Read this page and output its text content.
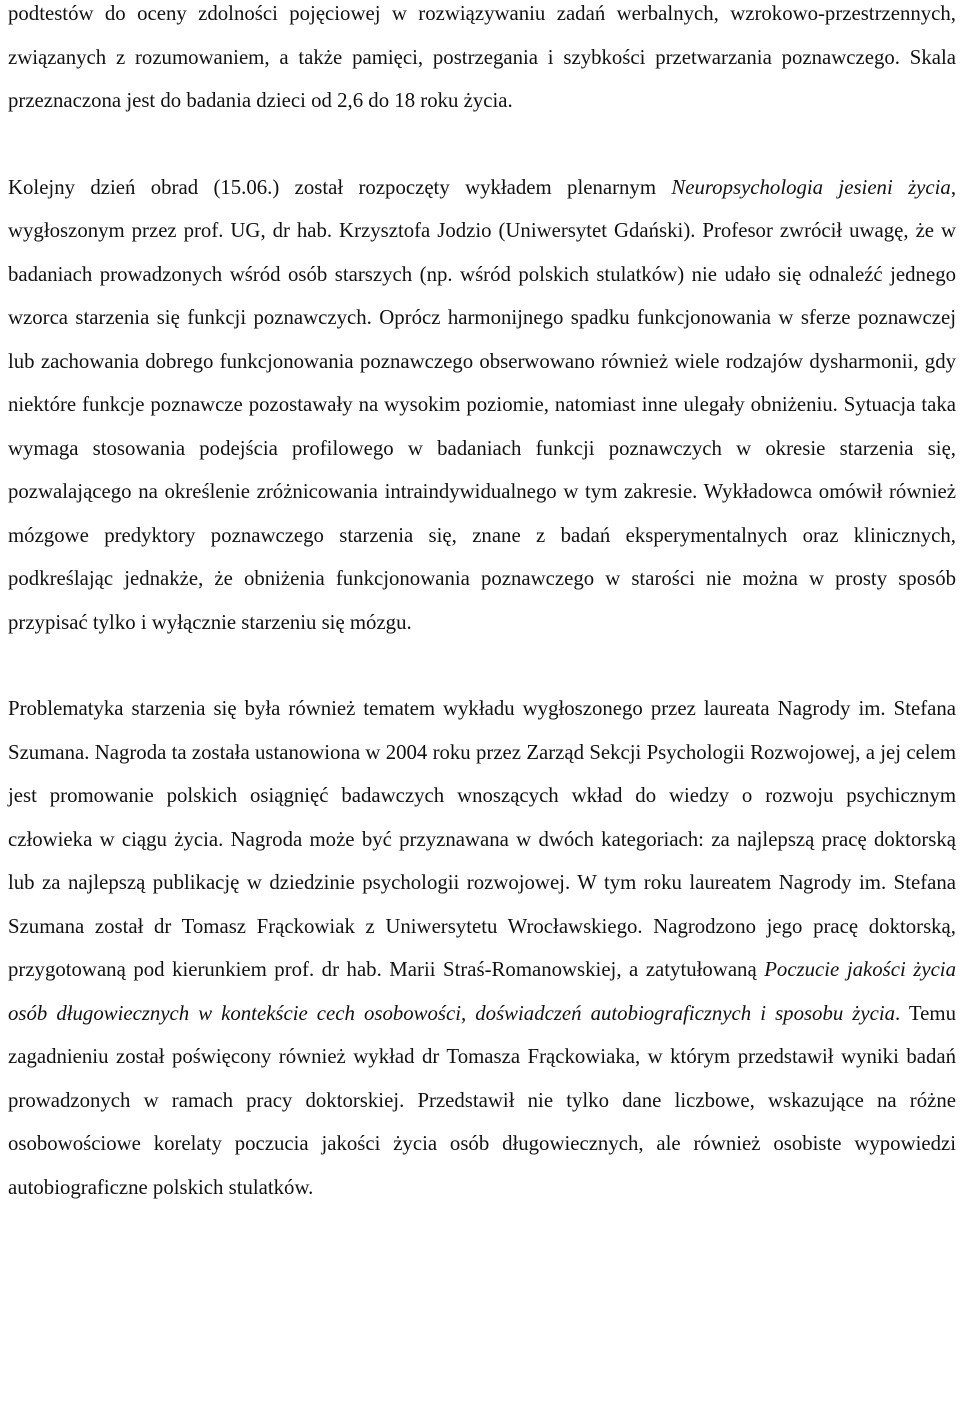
podtestów do oceny zdolności pojęciowej w rozwiązywaniu zadań werbalnych, wzrokowo-przestrzennych, związanych z rozumowaniem, a także pamięci, postrzegania i szybkości przetwarzania poznawczego. Skala przeznaczona jest do badania dzieci od 2,6 do 18 roku życia.

Kolejny dzień obrad (15.06.) został rozpoczęty wykładem plenarnym Neuropsychologia jesieni życia, wygłoszonym przez prof. UG, dr hab. Krzysztofa Jodzio (Uniwersytet Gdański). Profesor zwrócił uwagę, że w badaniach prowadzonych wśród osób starszych (np. wśród polskich stulatków) nie udało się odnaleźć jednego wzorca starzenia się funkcji poznawczych. Oprócz harmonijnego spadku funkcjonowania w sferze poznawczej lub zachowania dobrego funkcjonowania poznawczego obserwowano również wiele rodzajów dysharmonii, gdy niektóre funkcje poznawcze pozostawały na wysokim poziomie, natomiast inne ulegały obniżeniu. Sytuacja taka wymaga stosowania podejścia profilowego w badaniach funkcji poznawczych w okresie starzenia się, pozwalającego na określenie zróżnicowania intraindywidualnego w tym zakresie. Wykładowca omówił również mózgowe predyktory poznawczego starzenia się, znane z badań eksperymentalnych oraz klinicznych, podkreślając jednakże, że obniżenia funkcjonowania poznawczego w starości nie można w prosty sposób przypisać tylko i wyłącznie starzeniu się mózgu.

Problematyka starzenia się była również tematem wykładu wygłoszonego przez laureata Nagrody im. Stefana Szumana. Nagroda ta została ustanowiona w 2004 roku przez Zarząd Sekcji Psychologii Rozwojowej, a jej celem jest promowanie polskich osiągnięć badawczych wnoszących wkład do wiedzy o rozwoju psychicznym człowieka w ciągu życia. Nagroda może być przyznawana w dwóch kategoriach: za najlepszą pracę doktorską lub za najlepszą publikację w dziedzinie psychologii rozwojowej. W tym roku laureatem Nagrody im. Stefana Szumana został dr Tomasz Frąckowiak z Uniwersytetu Wrocławskiego. Nagrodzono jego pracę doktorską, przygotowaną pod kierunkiem prof. dr hab. Marii Straś-Romanowskiej, a zatytułowaną Poczucie jakości życia osób długowiecznych w kontekście cech osobowości, doświadczeń autobiograficznych i sposobu życia. Temu zagadnieniu został poświęcony również wykład dr Tomasza Frąckowiaka, w którym przedstawił wyniki badań prowadzonych w ramach pracy doktorskiej. Przedstawił nie tylko dane liczbowe, wskazujące na różne osobowościowe korelaty poczucia jakości życia osób długowiecznych, ale również osobiste wypowiedzi autobiograficzne polskich stulatków.
